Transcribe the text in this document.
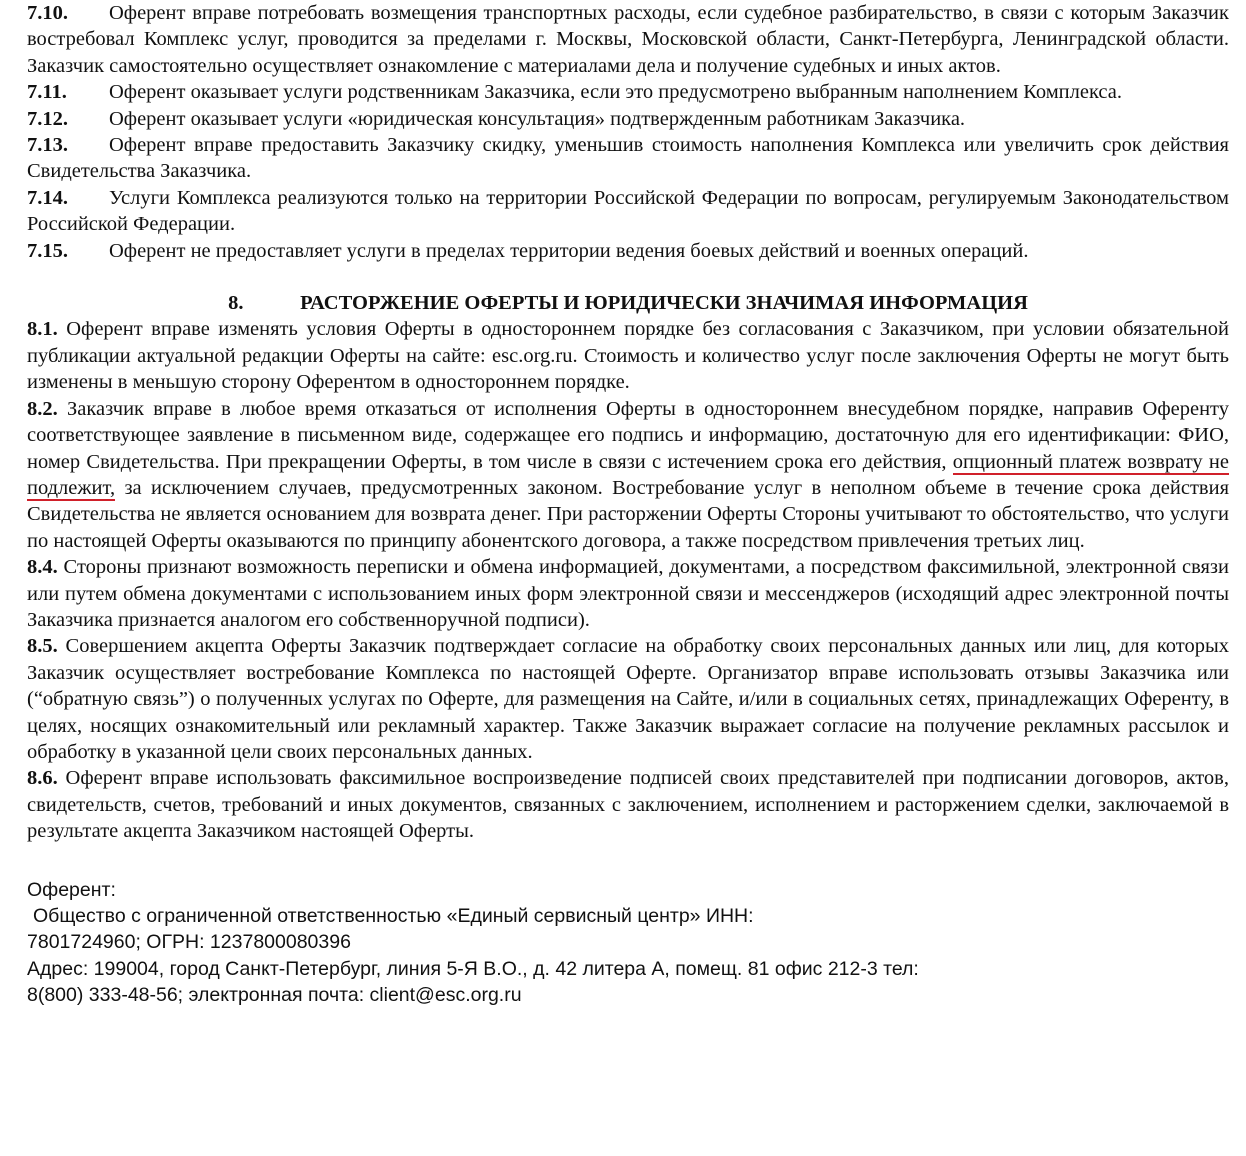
7.10. Оферент вправе потребовать возмещения транспортных расходы, если судебное разбирательство, в связи с которым Заказчик востребовал Комплекс услуг, проводится за пределами г. Москвы, Московской области, Санкт-Петербурга, Ленинградской области. Заказчик самостоятельно осуществляет ознакомление с материалами дела и получение судебных и иных актов.

7.11. Оферент оказывает услуги родственникам Заказчика, если это предусмотрено выбранным наполнением Комплекса.

7.12. Оферент оказывает услуги «юридическая консультация» подтвержденным работникам Заказчика.

7.13. Оферент вправе предоставить Заказчику скидку, уменьшив стоимость наполнения Комплекса или увеличить срок действия Свидетельства Заказчика.

7.14. Услуги Комплекса реализуются только на территории Российской Федерации по вопросам, регулируемым Законодательством Российской Федерации.

7.15. Оферент не предоставляет услуги в пределах территории ведения боевых действий и военных операций.

8.	РАСТОРЖЕНИЕ ОФЕРТЫ И ЮРИДИЧЕСКИ ЗНАЧИМАЯ ИНФОРМАЦИЯ

8.1. Оферент вправе изменять условия Оферты в одностороннем порядке без согласования с Заказчиком, при условии обязательной публикации актуальной редакции Оферты на сайте: esc.org.ru. Стоимость и количество услуг после заключения Оферты не могут быть изменены в меньшую сторону Оферентом в одностороннем порядке.

8.2. Заказчик вправе в любое время отказаться от исполнения Оферты в одностороннем внесудебном порядке, направив Оференту соответствующее заявление в письменном виде, содержащее его подпись и информацию, достаточную для его идентификации: ФИО, номер Свидетельства. При прекращении Оферты, в том числе в связи с истечением срока его действия, опционный платеж возврату не подлежит, за исключением случаев, предусмотренных законом. Востребование услуг в неполном объеме в течение срока действия Свидетельства не является основанием для возврата денег. При расторжении Оферты Стороны учитывают то обстоятельство, что услуги по настоящей Оферты оказываются по принципу абонентского договора, а также посредством привлечения третьих лиц.

8.4. Стороны признают возможность переписки и обмена информацией, документами, а посредством факсимильной, электронной связи или путем обмена документами с использованием иных форм электронной связи и мессенджеров (исходящий адрес электронной почты Заказчика признается аналогом его собственноручной подписи).

8.5. Совершением акцепта Оферты Заказчик подтверждает согласие на обработку своих персональных данных или лиц, для которых Заказчик осуществляет востребование Комплекса по настоящей Оферте. Организатор вправе использовать отзывы Заказчика или (“обратную связь”) о полученных услугах по Оферте, для размещения на Сайте, и/или в социальных сетях, принадлежащих Оференту, в целях, носящих ознакомительный или рекламный характер. Также Заказчик выражает согласие на получение рекламных рассылок и обработку в указанной цели своих персональных данных.

8.6. Оферент вправе использовать факсимильное воспроизведение подписей своих представителей при подписании договоров, актов, свидетельств, счетов, требований и иных документов, связанных с заключением, исполнением и расторжением сделки, заключаемой в результате акцепта Заказчиком настоящей Оферты.

Оферент:
Общество с ограниченной ответственностью «Единый сервисный центр» ИНН:
7801724960; ОГРН: 1237800080396
Адрес: 199004, город Санкт-Петербург, линия 5-Я В.О., д. 42 литера А, помещ. 81 офис 212-3 тел:
8(800) 333-48-56; электронная почта: client@esc.org.ru
